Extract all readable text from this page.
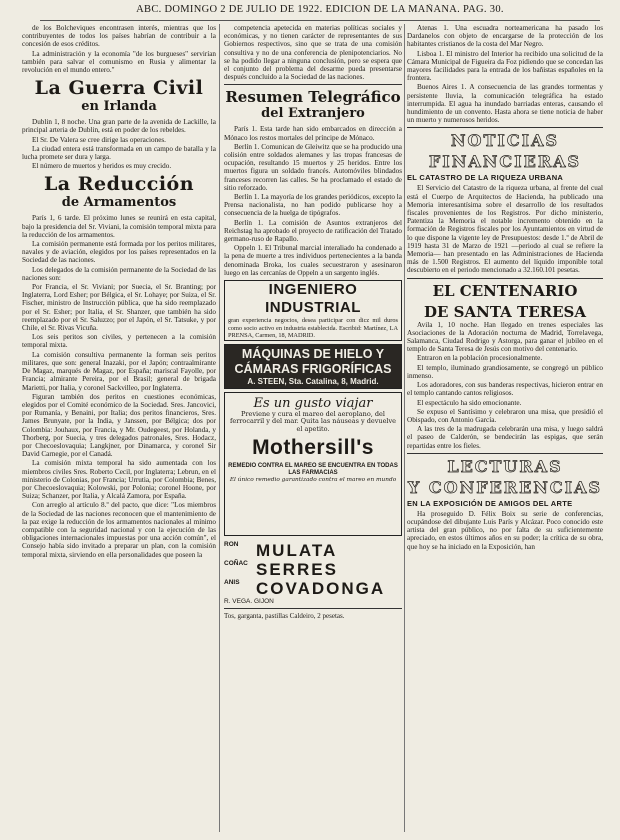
ABC. DOMINGO 2 DE JULIO DE 1922. EDICION DE LA MAÑANA. PAG. 30.

de los Bolcheviques encontrasen interés, mientras que los contribuyentes de todos los países habrían de contribuir a la concesión de esos créditos.

La administración y la economía "de los burgueses" servirían también para salvar el comunismo en Rusia y alimentar la revolución en el mundo entero."

La Guerra Civil
en Irlanda

Dublin 1, 8 noche. Una gran parte de la avenida de Lackille, la principal arteria de Dublin, está en poder de los rebeldes.

El Sr. De Valera se cree dirige las operaciones.

La ciudad entera está transformada en un campo de batalla y la lucha promete ser dura y larga.

El número de muertos y heridos es muy crecido.

La Reducción
de Armamentos

París 1, 6 tarde. El próximo lunes se reunirá en esta capital, bajo la presidencia del Sr. Viviani, la comisión temporal mixta para la reducción de los armamentos.

La comisión permanente está formada por los peritos militares, navales y de aviación, elegidos por los países representados en la Sociedad de las naciones.

Los delegados de la comisión permanente de la Sociedad de las naciones son:

Por Francia, el Sr. Viviani; por Suecia, el Sr. Branting; por Inglaterra, Lord Esher; por Bélgica, el Sr. Lohaye; por Suiza, el Sr. Fischer, ministro de Instrucción pública, que ha sido reemplazado por el Sr. Esher; por Italia, el Sr. Shanzer, que también ha sido reemplazado por el Sr. Saluzzo; por el Japón, el Sr. Tatsuke, y por Chile, el Sr. Rivas Vicuña.

Los seis peritos son civiles, y pertenecen a la comisión temporal mixta.

La comisión consultiva permanente la forman seis peritos militares, que son: general Inazaki, por el Japón; contraalmirante De Magaz, marqués de Magaz, por España; mariscal Fayolle, por Francia; almirante Pereira, por el Brasil; general de brigada Marietti, por Italia, y coronel Sackvilleo, por Inglaterra.

Figuran también dos peritos en cuestiones económicas, elegidos por el Comité económico de la Sociedad. Sres. Jancovici, por Rumanía, y Benaini, por Italia; dos peritos financieros, Sres. James Brunyate, por la India, y Janssen, por Bélgica; dos por Colombia: Jouhaux, por Francia, y Mr. Oudegeest, por Holanda, y Thorberg, por Suecia, y tres delegados patronales, Sres. Hodacz, por Checoeslovaquia; Langkjner, por Dinamarca, y coronel Sir David Carnegie, por el Canadá.

La comisión mixta temporal ha sido aumentada con los miembros civiles Sres. Roberto Cecil, por Inglaterra; Lebrun, en el ministerio de Colonias, por Francia; Urrutia, por Colombia; Benes, por Checoeslovaquia; Kolowski, por Polonia; coronel Hoone, por Suiza; Schanzer, por Italia, y Alcalá Zamora, por España.

Con arreglo al artículo 8.º del pacto, que dice: "Los miembros de la Sociedad de las naciones reconocen que el mantenimiento de la paz exige la reducción de los armamentos nacionales al mínimo compatible con la seguridad nacional y con la ejecución de las obligaciones internacionales impuestas por una acción común", el Consejo había sido invitado a preparar un plan, con la comisión temporal mixta, sirviendo en ella personalidades que poseen la

competencia apetecida en materias políticas sociales y económicas, y no tienen carácter de representantes de sus Gobiernos respectivos, sino que se trata de una comisión consultiva y no de una conferencia de plenipotenciarios. No se ha podido llegar a ninguna conclusión, pero se espera que el conjunto del problema del desarme pueda presentarse después concluido a la Sociedad de las naciones.

Resumen Telegráfico
del Extranjero

París 1. Esta tarde han sido embarcados en dirección a Mónaco los restos mortales del príncipe de Mónaco.

Berlín 1. Comunican de Gleiwitz que se ha producido una colisión entre soldados alemanes y las tropas francesas de ocupación, resultando 15 muertos y 25 heridos. Entre los muertos figura un soldado francés. Automóviles blindados franceses recorren las calles. Se ha proclamado el estado de sitio reforzado.

Berlín 1. La mayoría de los grandes periódicos, excepto la Prensa nacionalista, no han podido publicarse hoy a consecuencia de la huelga de tipógrafos.

Berlín 1. La comisión de Asuntos extranjeros del Reichstag ha aprobado el proyecto de ratificación del Tratado germano-ruso de Rapallo.

Oppeln 1. El Tribunal marcial interaliado ha condenado a la pena de muerte a tres individuos pertenecientes a la banda denominada Broka, los cuales secuestraron y asesinaron luego en las cercanías de Oppeln a un sargento inglés.

INGENIERO INDUSTRIAL
gran experiencia negocios, desea participar con dicz mil duros como socio activo en industria establecida. Escribid: Martínez, LA PRENSA, Carmen, 18, MADRID.
MÁQUINAS DE HIELO Y
CÁMARAS FRIGORÍFICAS
A. STEEN, Sta. Catalina, 8, Madrid.
Es un gusto viajar
Previene y cura el mareo del aeroplano, del ferrocarril y del mar. Quita las náuseas y devuelve el apetito.
Mothersill's
REMEDIO CONTRA EL MAREO SE ENCUENTRA EN TODAS LAS FARMACIAS
El único remedio garantizado contra el mareo en mundo
RON	MULATA
COÑAC SERRES
ANIS COVADONGA
R. VEGA. GIJON
Tos, garganta, pastillas Caldeiro, 2 pesetas.

Atenas 1. Una escuadra norteamericana ha pasado los Dardanelos con objeto de encargarse de la protección de los habitantes cristianos de la costa del Mar Negro.

Lisboa 1. El ministro del Interior ha recibido una solicitud de la Cámara Municipal de Figueira da Foz pidiendo que se concedan las mayores facilidades para la entrada de los bañistas españoles en la frontera.

Buenos Aires 1. A consecuencia de las grandes tormentas y persistente lluvia, la comunicación telegráfica ha estado interrumpida. El agua ha inundado barriadas enteras, causando el hundimiento de un convento. Hasta ahora se tiene noticia de haber un muerto y numerosos heridos.

NOTICIAS
FINANCIERAS
EL CATASTRO DE LA RIQUEZA URBANA

El Servicio del Catastro de la riqueza urbana, al frente del cual está el Cuerpo de Arquitectos de Hacienda, ha publicado una Memoria interesantísima sobre el desarrollo de los resultados fiscales provenientes de los Registros. Por dicho ministerio, Patentiza la Memoria el notable incremento obtenido en la formación de Registros fiscales por los Ayuntamientos en virtud de lo que dispone la vigente ley de Presupuestos: desde 1.º de Abril de 1919 hasta 31 de Marzo de 1921 —periodo al cual se refiere la Memoria— han presentado en las Administraciones de Hacienda más de 1.500 Registros. El aumento del líquido imponible total descubierto en el periodo mencionado a 32.160.101 pesetas.

EL CENTENARIO
DE SANTA TERESA

Avila 1, 10 noche. Han llegado en trenes especiales las Asociaciones de la Adoración nocturna de Madrid, Torrelavega, Salamanca, Ciudad Rodrigo y Astorga, para ganar el jubileo en el templo de Santa Teresa de Jesús con motivo del centenario.

Entraron en la población procesionalmente.

El templo, iluminado grandiosamente, se congregó un público inmenso.

Los adoradores, con sus banderas respectivas, hicieron entrar en el templo cantando cantos religiosos.

El espectáculo ha sido emocionante.

Se expuso el Santísimo y celebraron una misa, que presidió el Obispado, con Antonio García.

A las tres de la madrugada celebrarán una misa, y luego saldrá el paseo de Calderón, se bendecirán las espigas, que serán repartidas entre los fieles.

LECTURAS
Y CONFERENCIAS
EN LA EXPOSICIÓN DE AMIGOS DEL ARTE

Ha proseguido D. Félix Boix su serie de conferencias, ocupándose del dibujante Luis París y Alcázar. Poco conocido este artista del gran público, no por falta de su suficientemente apreciado, en estos últimos años en su poder; la crítica de su obra, que hoy se ha iniciado en la Exposición, han
